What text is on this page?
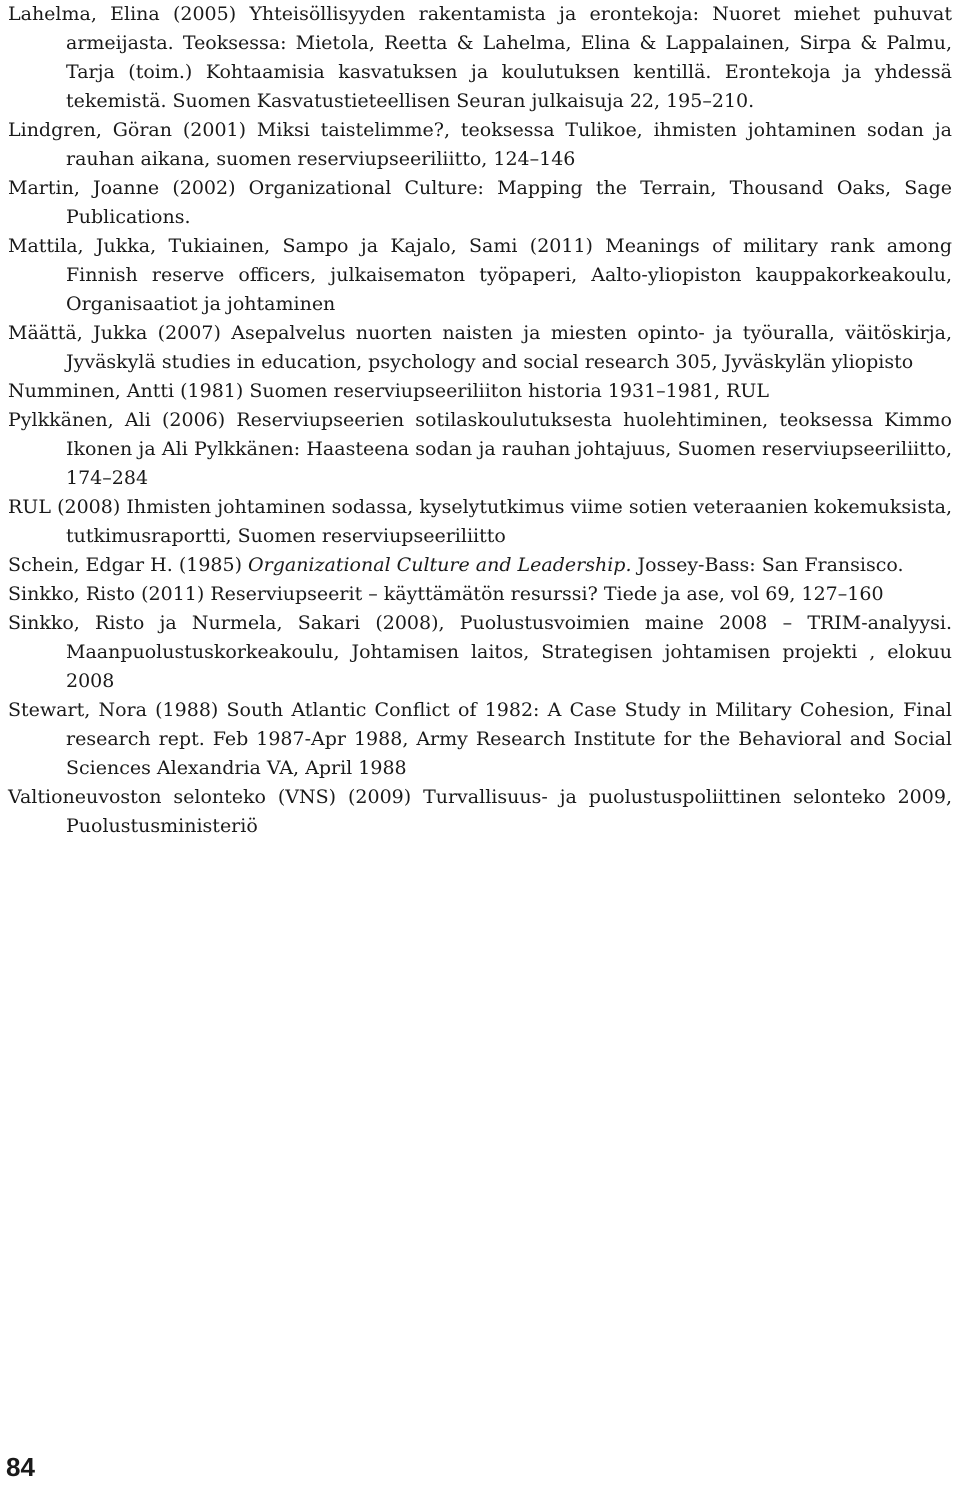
Lahelma, Elina (2005) Yhteisöllisyyden rakentamista ja erontekoja: Nuoret miehet puhuvat armeijasta. Teoksessa: Mietola, Reetta & Lahelma, Elina & Lappalainen, Sirpa & Palmu, Tarja (toim.) Kohtaamisia kasvatuksen ja koulutuksen kentillä. Erontekoja ja yhdessä tekemistä. Suomen Kasvatustieteellisen Seuran julkaisuja 22, 195–210.

Lindgren, Göran (2001) Miksi taistelimme?, teoksessa Tulikoe, ihmisten johtaminen sodan ja rauhan aikana, suomen reserviupseeriliitto, 124–146

Martin, Joanne (2002) Organizational Culture: Mapping the Terrain, Thousand Oaks, Sage Publications.

Mattila, Jukka, Tukiainen, Sampo ja Kajalo, Sami (2011) Meanings of military rank among Finnish reserve officers, julkaisematon työpaperi, Aalto-yliopiston kauppakorkeakoulu, Organisaatiot ja johtaminen

Määttä, Jukka (2007) Asepalvelus nuorten naisten ja miesten opinto- ja työuralla, väitöskirja, Jyväskylä studies in education, psychology and social research 305, Jyväskylän yliopisto

Numminen, Antti (1981) Suomen reserviupseeriliiton historia 1931–1981, RUL

Pylkkänen, Ali (2006) Reserviupseerien sotilaskoulutuksesta huolehtiminen, teoksessa Kimmo Ikonen ja Ali Pylkkänen: Haasteena sodan ja rauhan johtajuus, Suomen reserviupseeriliitto, 174–284

RUL (2008) Ihmisten johtaminen sodassa, kyselytutkimus viime sotien veteraanien kokemuksista, tutkimusraportti, Suomen reserviupseeriliitto

Schein, Edgar H. (1985) Organizational Culture and Leadership. Jossey-Bass: San Fransisco.

Sinkko, Risto (2011) Reserviupseerit – käyttämätön resurssi? Tiede ja ase, vol 69, 127–160

Sinkko, Risto ja Nurmela, Sakari (2008), Puolustusvoimien maine 2008 – TRIM-analyysi. Maanpuolustuskorkeakoulu, Johtamisen laitos, Strategisen johtamisen projekti , elokuu 2008

Stewart, Nora (1988) South Atlantic Conflict of 1982: A Case Study in Military Cohesion, Final research rept. Feb 1987-Apr 1988, Army Research Institute for the Behavioral and Social Sciences Alexandria VA, April 1988

Valtioneuvoston selonteko (VNS) (2009) Turvallisuus- ja puolustuspoliittinen selonteko 2009, Puolustusministeriö

84
